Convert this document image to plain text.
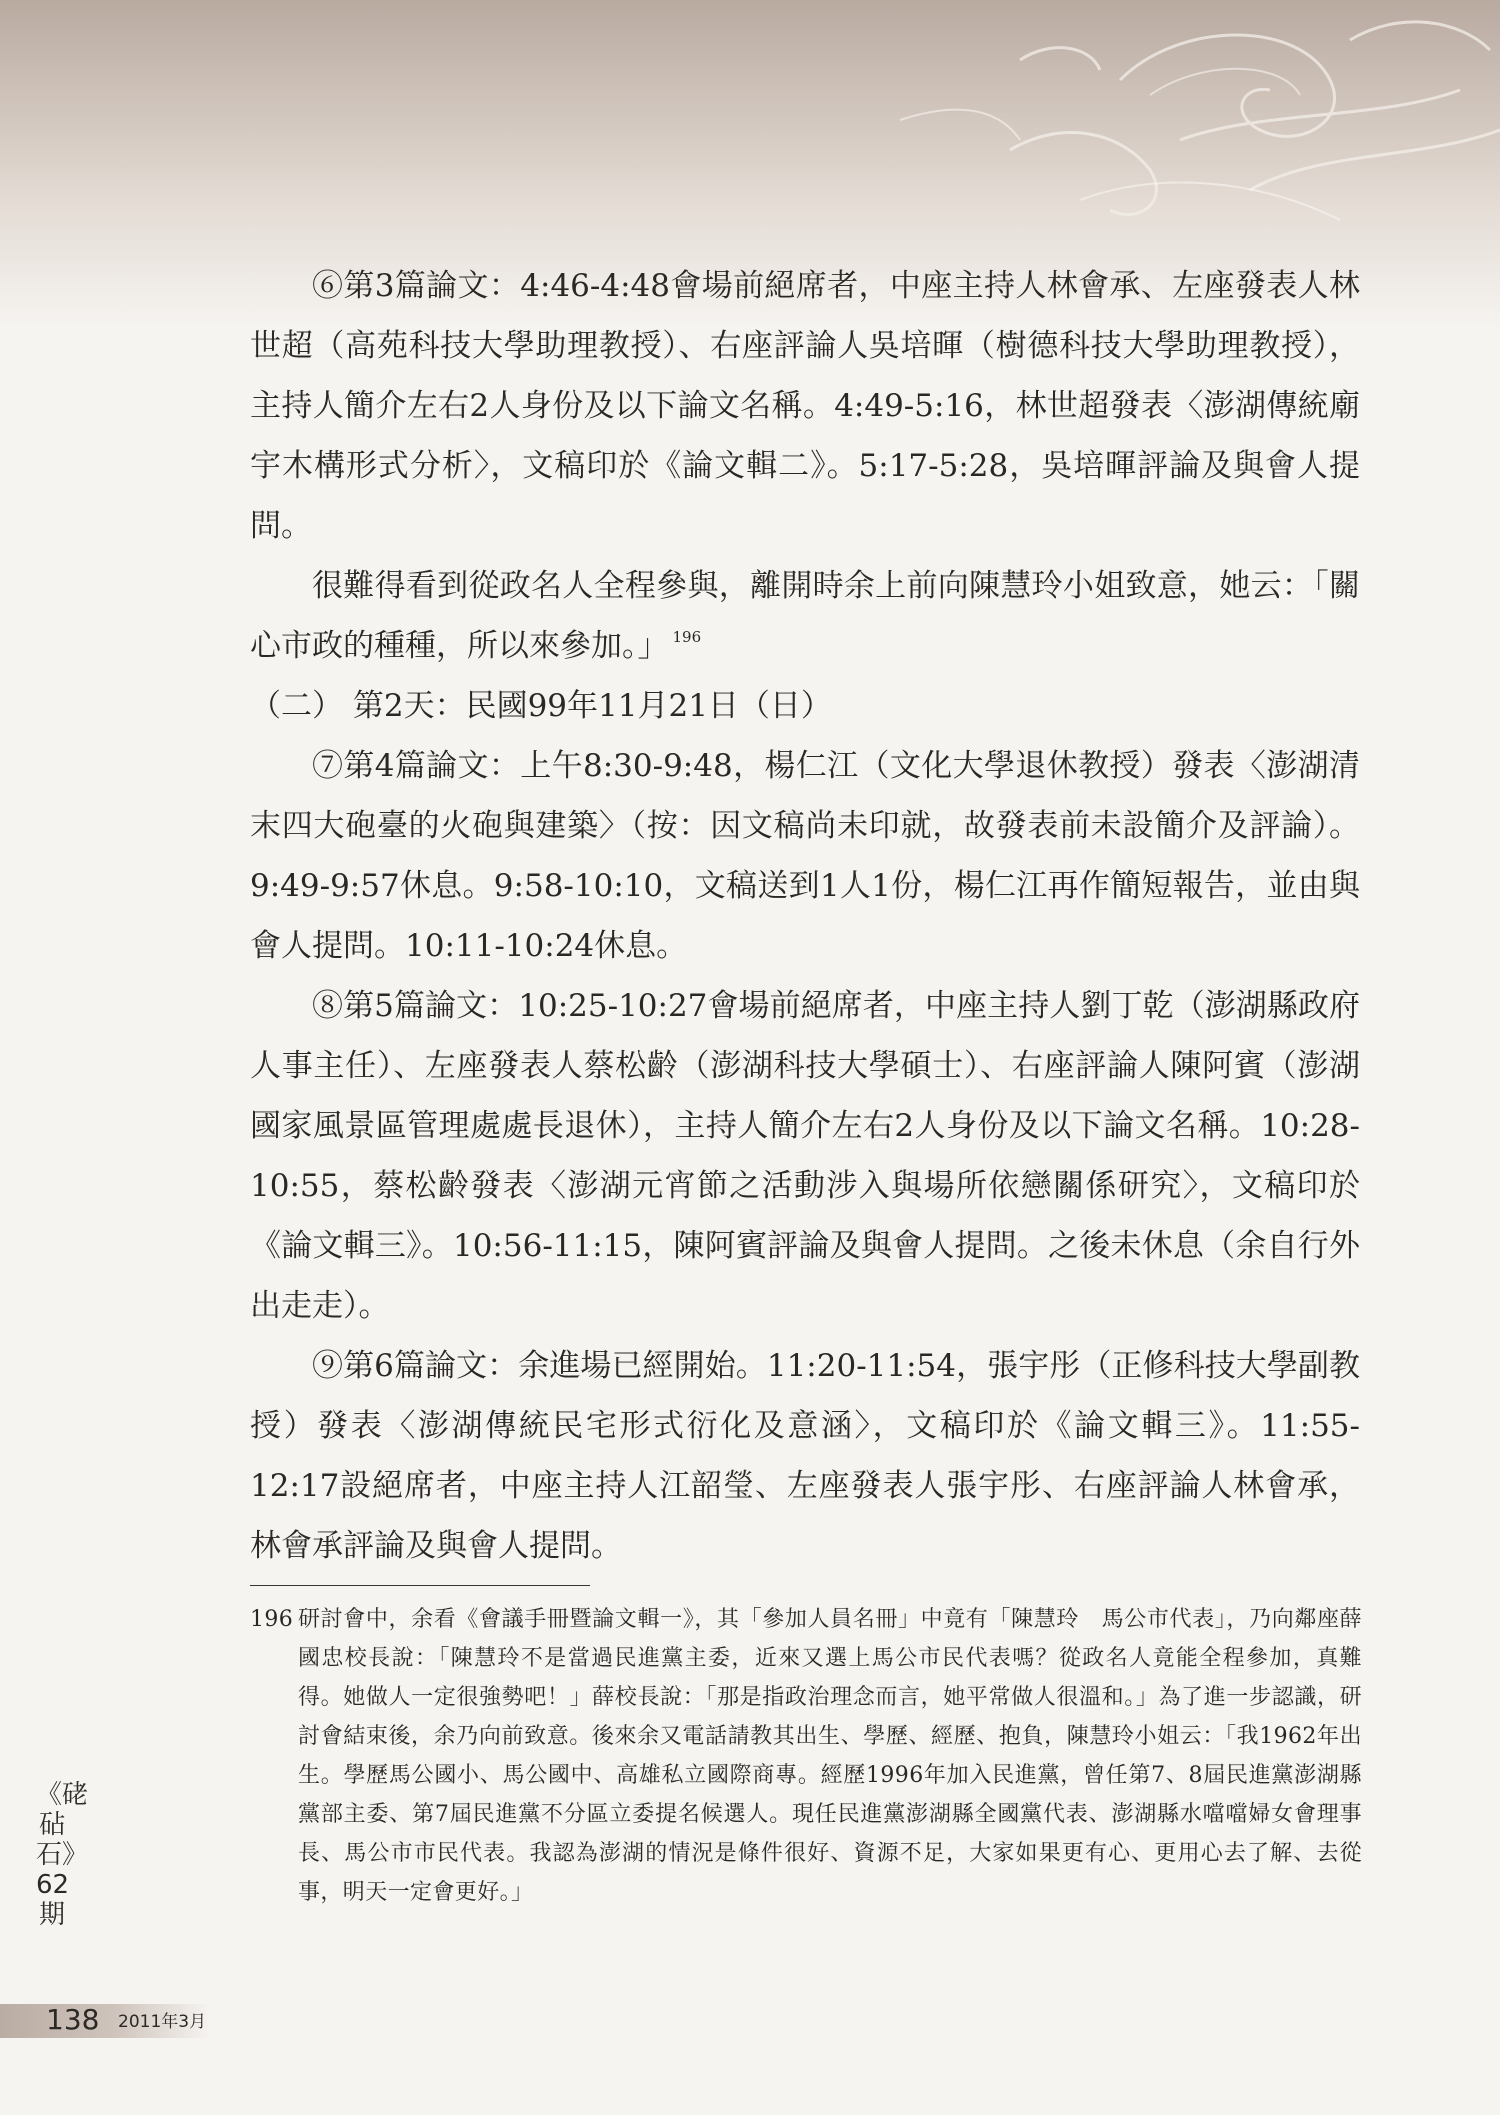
⑥第3篇論文：4:46-4:48會場前絕席者，中座主持人林會承、左座發表人林世超（高苑科技大學助理教授）、右座評論人吳培暉（樹德科技大學助理教授），主持人簡介左右2人身份及以下論文名稱。4:49-5:16，林世超發表〈澎湖傳統廟宇木構形式分析〉，文稿印於《論文輯二》。5:17-5:28，吳培暉評論及與會人提問。

很難得看到從政名人全程參與，離開時余上前向陳慧玲小姐致意，她云：「關心市政的種種，所以來參加。」 $^{196}$

（二） 第2天：民國99年11月21日（日）

⑦第4篇論文：上午8:30-9:48，楊仁江（文化大學退休教授）發表〈澎湖清末四大砲臺的火砲與建築〉（按：因文稿尚未印就，故發表前未設簡介及評論）。9:49-9:57休息。9:58-10:10，文稿送到1人1份，楊仁江再作簡短報告，並由與會人提問。10:11-10:24休息。

⑧第5篇論文：10:25-10:27會場前絕席者，中座主持人劉丁乾（澎湖縣政府人事主任）、左座發表人蔡松齡（澎湖科技大學碩士）、右座評論人陳阿賓（澎湖國家風景區管理處處長退休），主持人簡介左右2人身份及以下論文名稱。10:28-10:55，蔡松齡發表〈澎湖元宵節之活動涉入與場所依戀關係研究〉，文稿印於《論文輯三》。10:56-11:15，陳阿賓評論及與會人提問。之後未休息（余自行外出走走）。

⑨第6篇論文：余進場已經開始。11:20-11:54，張宇彤（正修科技大學副教授）發表〈澎湖傳統民宅形式衍化及意涵〉，文稿印於《論文輯三》。11:55-12:17設絕席者，中座主持人江韶瑩、左座發表人張宇彤、右座評論人林會承，林會承評論及與會人提問。

196 研討會中，余看《會議手冊暨論文輯一》，其「參加人員名冊」中竟有「陳慧玲　馬公市代表」，乃向鄰座薛國忠校長說：「陳慧玲不是當過民進黨主委，近來又選上馬公市民代表嗎？從政名人竟能全程參加，真難得。她做人一定很強勢吧！」薛校長說：「那是指政治理念而言，她平常做人很溫和。」為了進一步認識，研討會結束後，余乃向前致意。後來余又電話請教其出生、學歷、經歷、抱負，陳慧玲小姐云：「我1962年出生。學歷馬公國小、馬公國中、高雄私立國際商專。經歷1996年加入民進黨，曾任第7、8屆民進黨澎湖縣黨部主委、第7屆民進黨不分區立委提名候選人。現任民進黨澎湖縣全國黨代表、澎湖縣水噹噹婦女會理事長、馬公市市民代表。我認為澎湖的情況是條件很好、資源不足，大家如果更有心、更用心去了解、去從事，明天一定會更好。」
《硓砧石》62期
138 2011年3月
